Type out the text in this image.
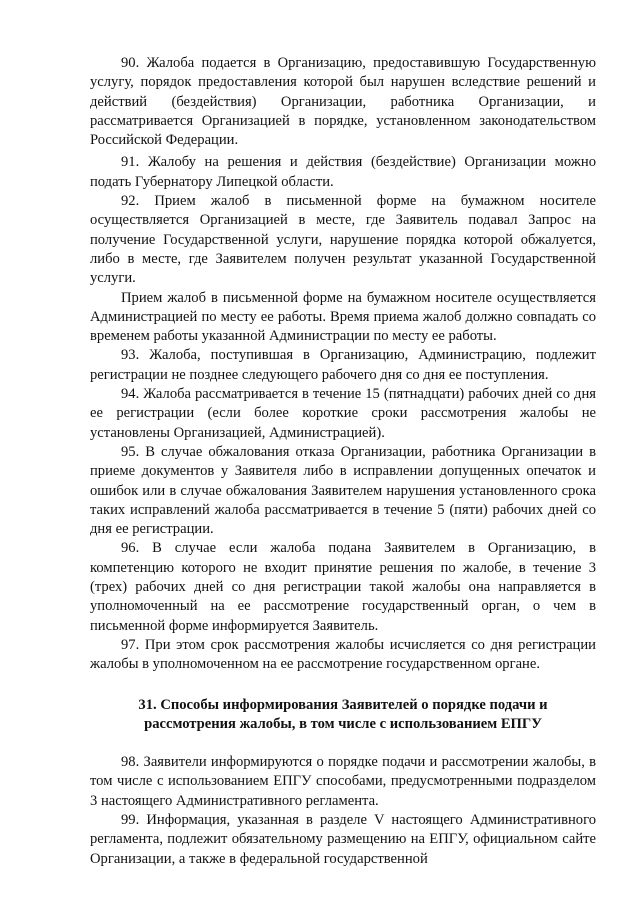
90. Жалоба подается в Организацию, предоставившую Государственную услугу, порядок предоставления которой был нарушен вследствие решений и действий (бездействия) Организации, работника Организации, и рассматривается Организацией в порядке, установленном законодательством Российской Федерации.

91. Жалобу на решения и действия (бездействие) Организации можно подать Губернатору Липецкой области.

92. Прием жалоб в письменной форме на бумажном носителе осуществляется Организацией в месте, где Заявитель подавал Запрос на получение Государственной услуги, нарушение порядка которой обжалуется, либо в месте, где Заявителем получен результат указанной Государственной услуги.

Прием жалоб в письменной форме на бумажном носителе осуществляется Администрацией по месту ее работы. Время приема жалоб должно совпадать со временем работы указанной Администрации по месту ее работы.

93. Жалоба, поступившая в Организацию, Администрацию, подлежит регистрации не позднее следующего рабочего дня со дня ее поступления.

94. Жалоба рассматривается в течение 15 (пятнадцати) рабочих дней со дня ее регистрации (если более короткие сроки рассмотрения жалобы не установлены Организацией, Администрацией).

95. В случае обжалования отказа Организации, работника Организации в приеме документов у Заявителя либо в исправлении допущенных опечаток и ошибок или в случае обжалования Заявителем нарушения установленного срока таких исправлений жалоба рассматривается в течение 5 (пяти) рабочих дней со дня ее регистрации.

96. В случае если жалоба подана Заявителем в Организацию, в компетенцию которого не входит принятие решения по жалобе, в течение 3 (трех) рабочих дней со дня регистрации такой жалобы она направляется в уполномоченный на ее рассмотрение государственный орган, о чем в письменной форме информируется Заявитель.

97. При этом срок рассмотрения жалобы исчисляется со дня регистрации жалобы в уполномоченном на ее рассмотрение государственном органе.

31. Способы информирования Заявителей о порядке подачи и рассмотрения жалобы, в том числе с использованием ЕПГУ

98. Заявители информируются о порядке подачи и рассмотрении жалобы, в том числе с использованием ЕПГУ способами, предусмотренными подразделом 3 настоящего Административного регламента.

99. Информация, указанная в разделе V настоящего Административного регламента, подлежит обязательному размещению на ЕПГУ, официальном сайте Организации, а также в федеральной государственной
